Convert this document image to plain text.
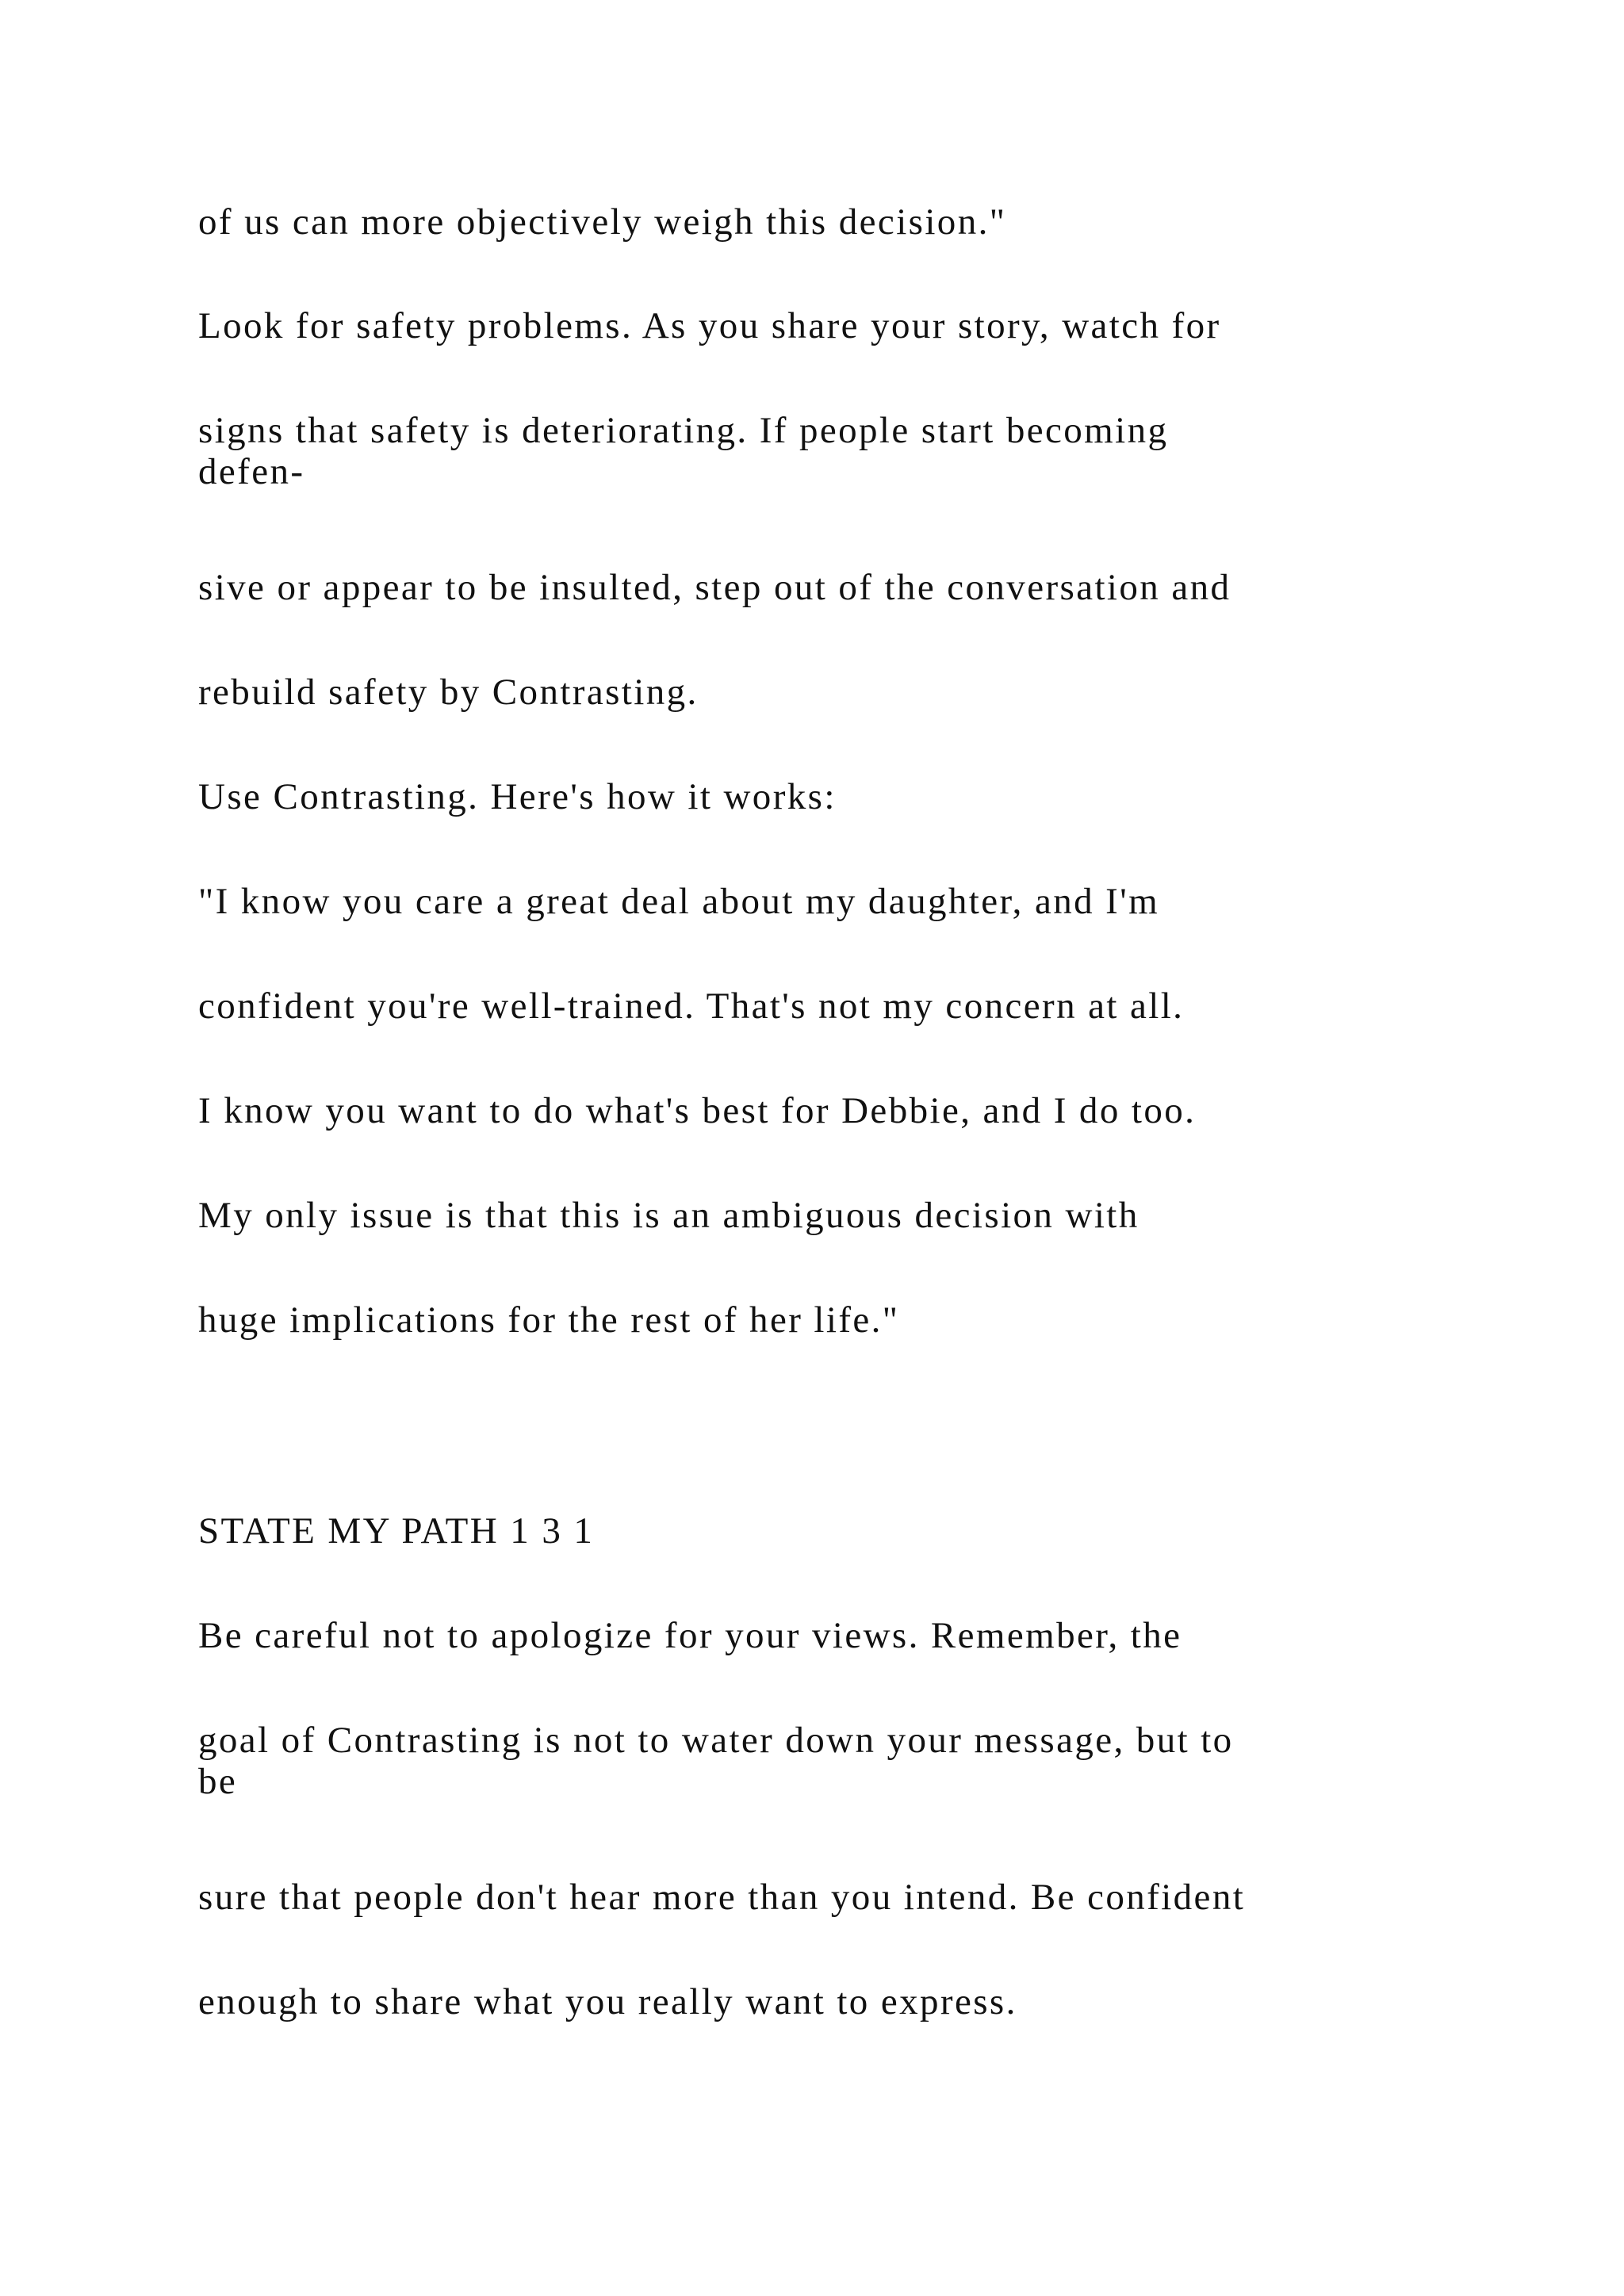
of us can more objectively weigh this decision."

Look for safety problems. As you share your story, watch for

signs that safety is deteriorating. If people start becoming

defen-

sive or appear to be insulted, step out of the conversation and

rebuild safety by Contrasting.

Use Contrasting. Here's how it works:

"I know you care a great deal about my daughter, and I'm

confident you're well-trained. That's not my concern at all.

I know you want to do what's best for Debbie, and I do too.

My only issue is that this is an ambiguous decision with

huge implications for the rest of her life."

STATE MY PATH 1 3 1

Be careful not to apologize for your views. Remember, the

goal of Contrasting is not to water down your message, but to

be

sure that people don't hear more than you intend. Be confident

enough to share what you really want to express.
